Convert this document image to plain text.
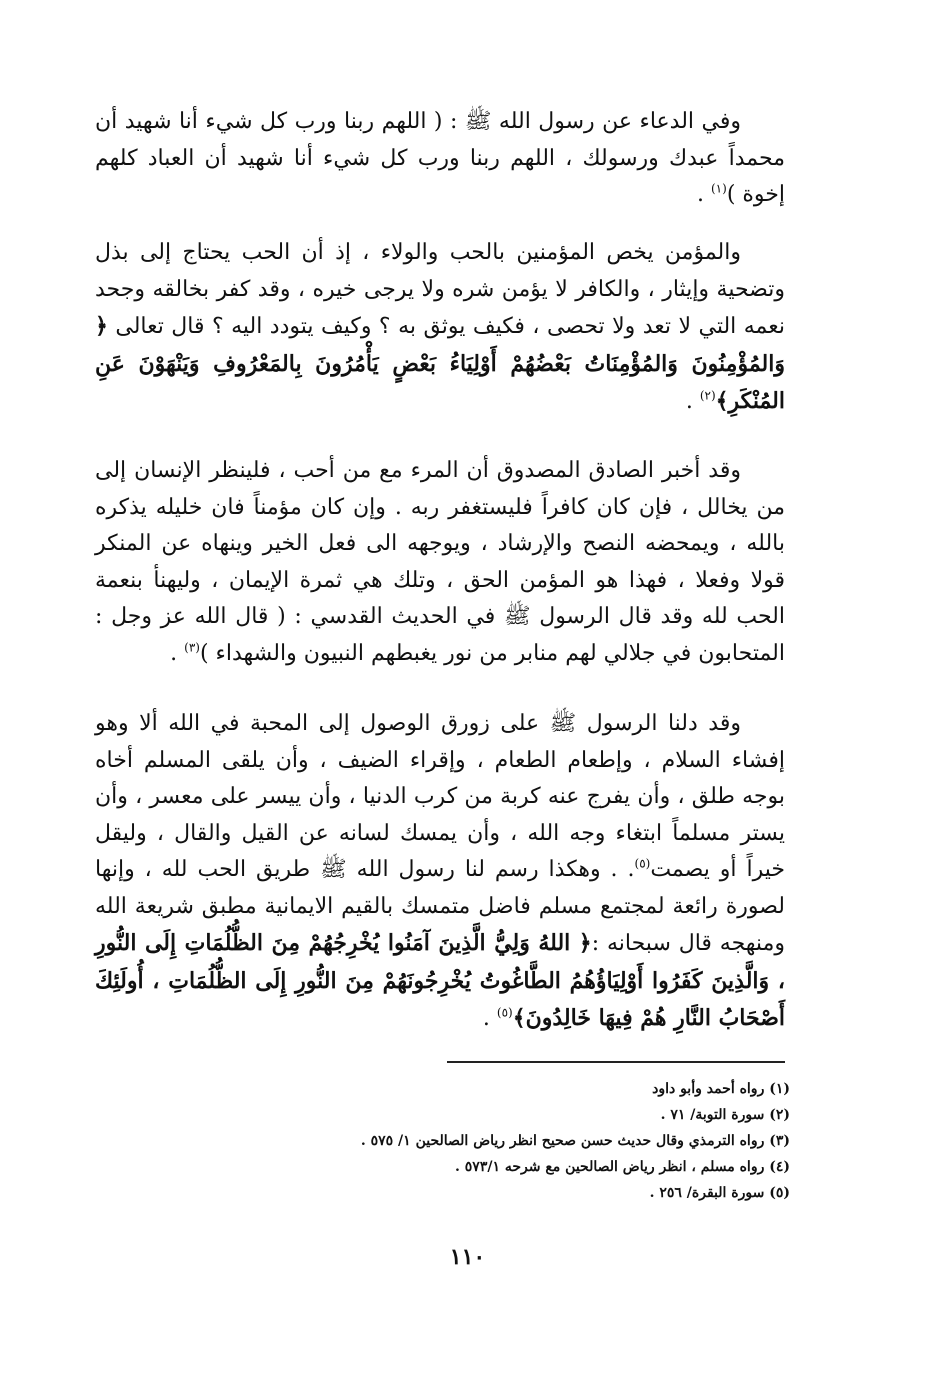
وفي الدعاء عن رسول الله ﷺ : ( اللهم ربنا ورب كل شيء أنا شهيد أن محمداً عبدك ورسولك ، اللهم ربنا ورب كل شيء أنا شهيد أن العباد كلهم إخوة )$^{(١)}$ .

والمؤمن يخص المؤمنين بالحب والولاء ، إذ أن الحب يحتاج إلى بذل وتضحية وإيثار ، والكافر لا يؤمن شره ولا يرجى خيره ، وقد كفر بخالقه وجحد نعمه التي لا تعد ولا تحصى ، فكيف يوثق به ؟ وكيف يتودد اليه ؟ قال تعالى ﴿ وَالمُؤْمِنُونَ وَالمُؤْمِنَاتُ بَعْضُهُمْ أَوْلِيَاءُ بَعْضٍ يَأْمُرُونَ بِالمَعْرُوفِ وَيَنْهَوْنَ عَنِ المُنْكَرِ﴾$^{(٢)}$ .

وقد أخبر الصادق المصدوق أن المرء مع من أحب ، فلينظر الإنسان إلى من يخالل ، فإن كان كافراً فليستغفر ربه . وإن كان مؤمناً فان خليله يذكره بالله ، ويمحضه النصح والإرشاد ، ويوجهه الى فعل الخير وينهاه عن المنكر قولا وفعلا ، فهذا هو المؤمن الحق ، وتلك هي ثمرة الإيمان ، وليهنأ بنعمة الحب لله وقد قال الرسول ﷺ في الحديث القدسي : ( قال الله عز وجل : المتحابون في جلالي لهم منابر من نور يغبطهم النبيون والشهداء )$^{(٣)}$ .

وقد دلنا الرسول ﷺ على زورق الوصول إلى المحبة في الله ألا وهو إفشاء السلام ، وإطعام الطعام ، وإقراء الضيف ، وأن يلقى المسلم أخاه بوجه طلق ، وأن يفرج عنه كربة من كرب الدنيا ، وأن ييسر على معسر ، وأن يستر مسلماً ابتغاء وجه الله ، وأن يمسك لسانه عن القيل والقال ، وليقل خيراً أو يصمت$^{(٥)}$. . وهكذا رسم لنا رسول الله ﷺ طريق الحب لله ، وإنها لصورة رائعة لمجتمع مسلم فاضل متمسك بالقيم الايمانية مطبق شريعة الله ومنهجه قال سبحانه :﴿ اللهُ وَلِيُّ الَّذِينَ آمَنُوا يُخْرِجُهُمْ مِنَ الظُّلُمَاتِ إِلَى النُّورِ ، وَالَّذِينَ كَفَرُوا أَوْلِيَاؤُهُمُ الطَّاغُوتُ يُخْرِجُونَهُمْ مِنَ النُّورِ إِلَى الظُّلُمَاتِ ، أُولَئِكَ أَصْحَابُ النَّارِ هُمْ فِيهَا خَالِدُونَ﴾$^{(٥)}$ .

(١) رواه أحمد وأبو داود
(٢) سورة التوبة/ ٧١ .
(٣) رواه الترمذي وقال حديث حسن صحيح انظر رياض الصالحين ١/ ٥٧٥ .
(٤) رواه مسلم ، انظر رياض الصالحين مع شرحه ٥٧٣/١ .
(٥) سورة البقرة/ ٢٥٦ .
١١٠
